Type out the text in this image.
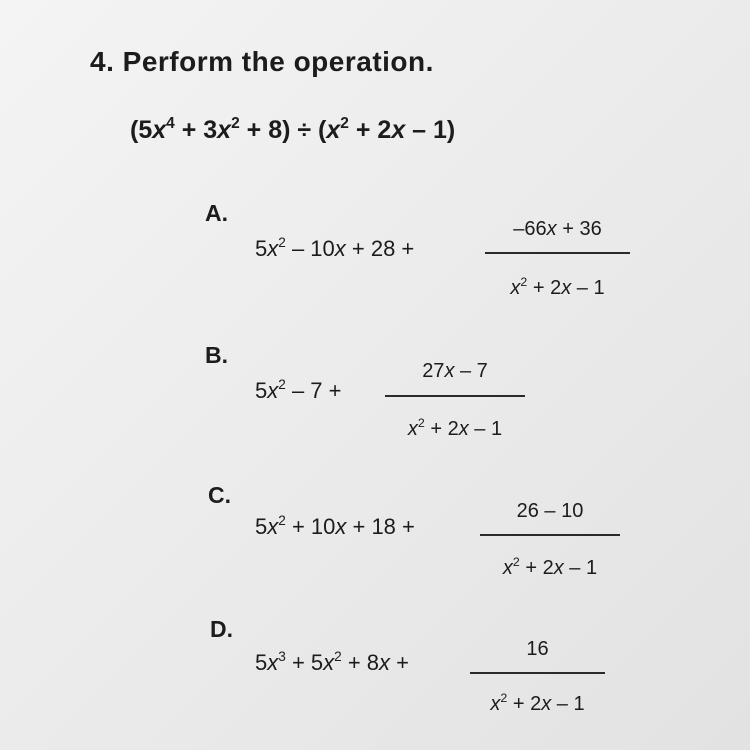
4. Perform the operation.
$(5x^4 + 3x^2 + 8) \div (x^2 + 2x - 1)$
A.
$5x^2 - 10x + 28$ +
–66x + 36
$x^2 + 2x - 1$
B.
$5x^2 - 7$ +
27x – 7
$x^2 + 2x - 1$
C.
$5x^2 + 10x + 18$ +
26 – 10
$x^2 + 2x - 1$
D.
$5x^3 + 5x^2 + 8x$ +
16
$x^2 + 2x - 1$
